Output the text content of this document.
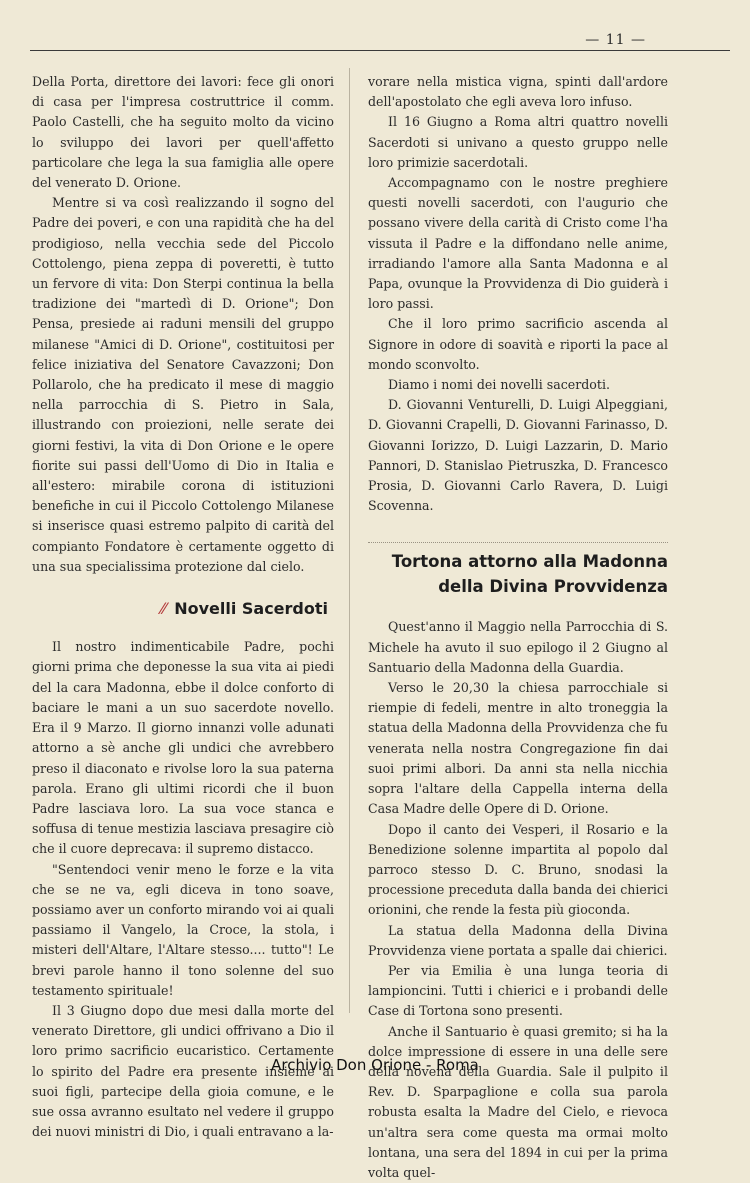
— 11 —

Della Porta, direttore dei lavori: fece gli onori di casa per l'impresa costruttrice il comm. Paolo Castelli, che ha seguito molto da vicino lo sviluppo dei lavori per quell'affetto particolare che lega la sua famiglia alle opere del venerato D. Orione.

Mentre si va così realizzando il sogno del Padre dei poveri, e con una rapidità che ha del prodigioso, nella vecchia sede del Piccolo Cottolengo, piena zeppa di poveretti, è tutto un fervore di vita: Don Sterpi continua la bella tradizione dei "martedì di D. Orione"; Don Pensa, presiede ai raduni mensili del gruppo milanese "Amici di D. Orione", costituitosi per felice iniziativa del Senatore Cavazzoni; Don Pollarolo, che ha predicato il mese di maggio nella parrocchia di S. Pietro in Sala, illustrando con proiezioni, nelle serate dei giorni festivi, la vita di Don Orione e le opere fiorite sui passi dell'Uomo di Dio in Italia e all'estero: mirabile corona di istituzioni benefiche in cui il Piccolo Cottolengo Milanese si inserisce quasi estremo palpito di carità del compianto Fondatore è certamente oggetto di una sua specialissima protezione dal cielo.

⁄⁄ Novelli Sacerdoti

Il nostro indimenticabile Padre, pochi giorni prima che deponesse la sua vita ai piedi del la cara Madonna, ebbe il dolce conforto di baciare le mani a un suo sacerdote novello. Era il 9 Marzo. Il giorno innanzi volle adunati attorno a sè anche gli undici che avrebbero preso il diaconato e rivolse loro la sua paterna parola. Erano gli ultimi ricordi che il buon Padre lasciava loro. La sua voce stanca e soffusa di tenue mestizia lasciava presagire ciò che il cuore deprecava: il supremo distacco.

"Sentendoci venir meno le forze e la vita che se ne va, egli diceva in tono soave, possiamo aver un conforto mirando voi ai quali passiamo il Vangelo, la Croce, la stola, i misteri dell'Altare, l'Altare stesso.... tutto"! Le brevi parole hanno il tono solenne del suo testamento spirituale!

Il 3 Giugno dopo due mesi dalla morte del venerato Direttore, gli undici offrivano a Dio il loro primo sacrificio eucaristico. Certamente lo spirito del Padre era presente insieme ai suoi figli, partecipe della gioia comune, e le sue ossa avranno esultato nel vedere il gruppo dei nuovi ministri di Dio, i quali entravano a la-

vorare nella mistica vigna, spinti dall'ardore dell'apostolato che egli aveva loro infuso.

Il 16 Giugno a Roma altri quattro novelli Sacerdoti si univano a questo gruppo nelle loro primizie sacerdotali.

Accompagnamo con le nostre preghiere questi novelli sacerdoti, con l'augurio che possano vivere della carità di Cristo come l'ha vissuta il Padre e la diffondano nelle anime, irradiando l'amore alla Santa Madonna e al Papa, ovunque la Provvidenza di Dio guiderà i loro passi.

Che il loro primo sacrificio ascenda al Signore in odore di soavità e riporti la pace al mondo sconvolto.

Diamo i nomi dei novelli sacerdoti.

D. Giovanni Venturelli, D. Luigi Alpeggiani, D. Giovanni Crapelli, D. Giovanni Farinasso, D. Giovanni Iorizzo, D. Luigi Lazzarin, D. Mario Pannori, D. Stanislao Pietruszka, D. Francesco Prosia, D. Giovanni Carlo Ravera, D. Luigi Scovenna.

Tortona attorno alla Madonna
della Divina Provvidenza

Quest'anno il Maggio nella Parrocchia di S. Michele ha avuto il suo epilogo il 2 Giugno al Santuario della Madonna della Guardia.

Verso le 20,30 la chiesa parrocchiale si riempie di fedeli, mentre in alto troneggia la statua della Madonna della Provvidenza che fu venerata nella nostra Congregazione fin dai suoi primi albori. Da anni sta nella nicchia sopra l'altare della Cappella interna della Casa Madre delle Opere di D. Orione.

Dopo il canto dei Vesperi, il Rosario e la Benedizione solenne impartita al popolo dal parroco stesso D. C. Bruno, snodasi la processione preceduta dalla banda dei chierici orionini, che rende la festa più gioconda.

La statua della Madonna della Divina Provvidenza viene portata a spalle dai chierici.

Per via Emilia è una lunga teoria di lampioncini. Tutti i chierici e i probandi delle Case di Tortona sono presenti.

Anche il Santuario è quasi gremito; si ha la dolce impressione di essere in una delle sere della novena della Guardia. Sale il pulpito il Rev. D. Sparpaglione e colla sua parola robusta esalta la Madre del Cielo, e rievoca un'altra sera come questa ma ormai molto lontana, una sera del 1894 in cui per la prima volta quel-

Archivio Don Orione - Roma
